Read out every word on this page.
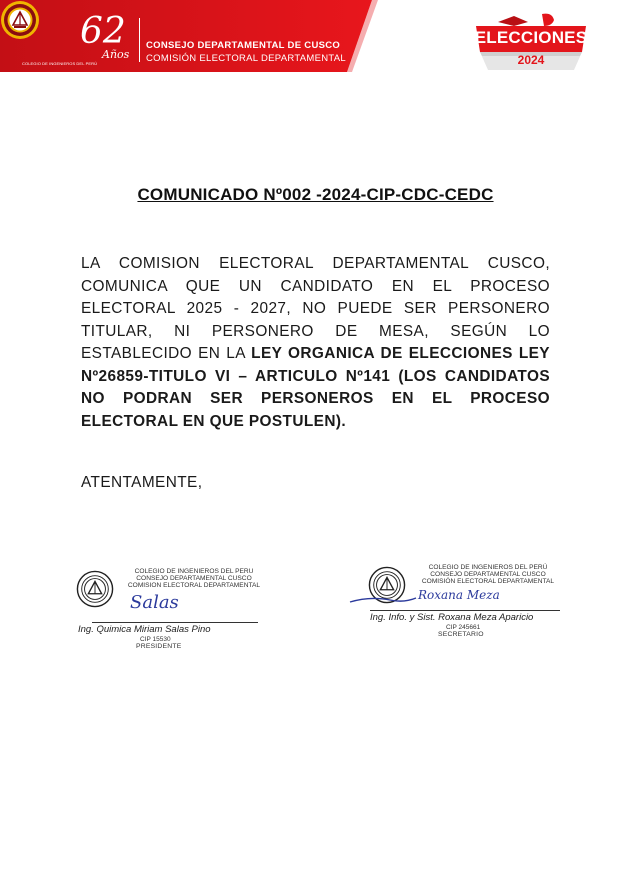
COLEGIO DE INGENIEROS DEL PERÚ
62
Años
CONSEJO DEPARTAMENTAL DE CUSCO
COMISIÓN ELECTORAL DEPARTAMENTAL
ELECCIONES
2024
COMUNICADO Nº002 -2024-CIP-CDC-CEDC
LA COMISION ELECTORAL DEPARTAMENTAL CUSCO, COMUNICA QUE UN CANDIDATO EN EL PROCESO ELECTORAL 2025 - 2027, NO PUEDE SER PERSONERO TITULAR, NI PERSONERO DE MESA, SEGÚN LO ESTABLECIDO EN LA LEY ORGANICA DE ELECCIONES LEY Nº26859-TITULO VI – ARTICULO Nº141 (LOS CANDIDATOS NO PODRAN SER PERSONEROS EN EL PROCESO ELECTORAL EN QUE POSTULEN).
ATENTAMENTE,
COLEGIO DE INGENIEROS DEL PERU
CONSEJO DEPARTAMENTAL CUSCO
COMISION ELECTORAL DEPARTAMENTAL
Salas
Ing. Quimica Miriam Salas Pino
CIP 15530
PRESIDENTE
COLEGIO DE INGENIEROS DEL PERÚ
CONSEJO DEPARTAMENTAL CUSCO
COMISIÓN ELECTORAL DEPARTAMENTAL
Roxana Meza
Ing. Info. y Sist. Roxana Meza Aparicio
CIP 245661
SECRETARIO
